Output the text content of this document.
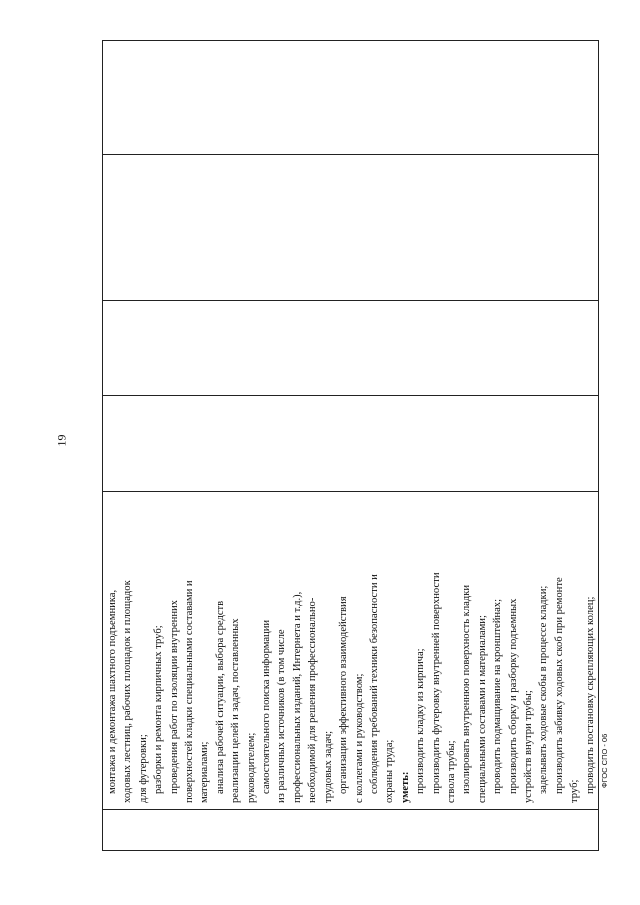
19
ФГОС СПО - 06

монтажа и демонтажа шахтного подъемника, ходовых лестниц, рабочих площадок и площадок для футеровки; разборки и ремонта кирпичных труб; проведения работ по изоляции внутренних поверхностей кладки специальными составами и материалами; анализа рабочей ситуации, выбора средств реализации целей и задач, поставленных руководителем; самостоятельного поиска информации из различных источников (в том числе профессиональных изданий, Интернета и т.д.), необходимой для решения профессионально- трудовых задач; организации эффективного взаимодействия с коллегами и руководством; соблюдения требований техники безопасности и охраны труда; уметь: производить кладку из кирпича; производить футеровку внутренней поверхности ствола трубы; изолировать внутреннюю поверхность кладки специальными составами и материалами; проводить подмащивание на кронштейнах; производить сборку и разборку подъемных устройств внутри трубы; заделывать ходовые скобы в процессе кладки; производить забивку ходовых скоб при ремонте труб; проводить постановку скрепляющих колец;
